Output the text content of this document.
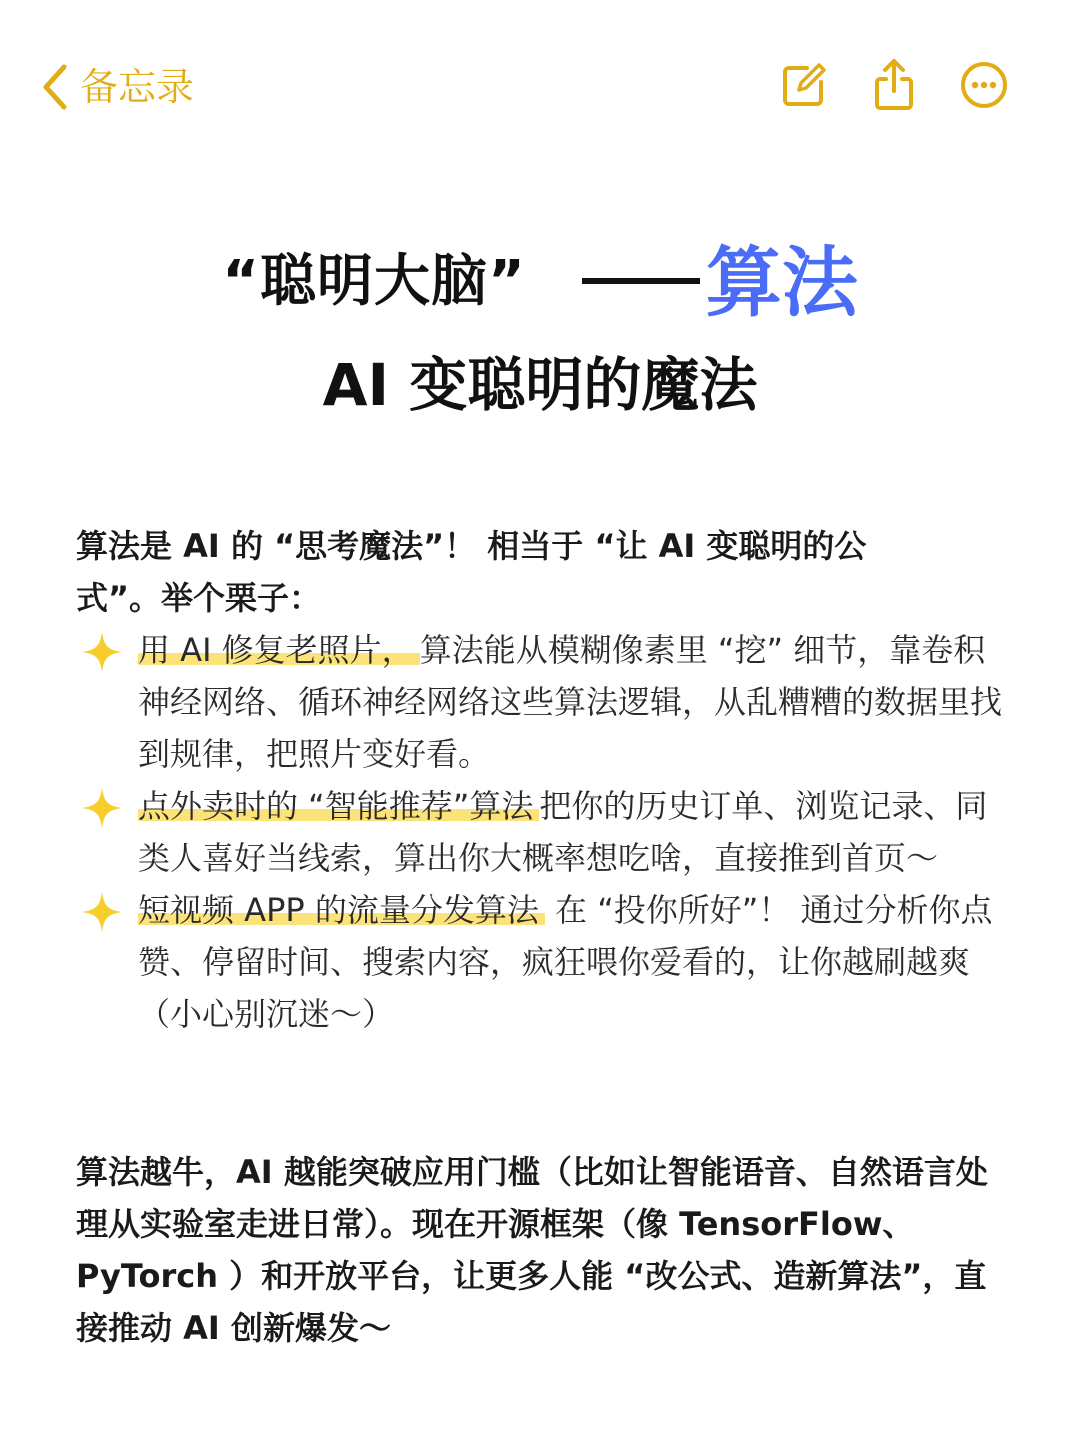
备忘录
“聪明大脑” 算法
AI 变聪明的魔法
算法是 AI 的 “思考魔法”！ 相当于 “让 AI 变聪明的公式”。举个栗子：
用 AI 修复老照片， 算法能从模糊像素里 “挖” 细节，靠卷积神经网络、循环神经网络这些算法逻辑，从乱糟糟的数据里找到规律，把照片变好看。
点外卖时的 “智能推荐”算法 把你的历史订单、浏览记录、同类人喜好当线索，算出你大概率想吃啥，直接推到首页～
短视频 APP 的流量分发算法 在 “投你所好”！ 通过分析你点赞、停留时间、搜索内容，疯狂喂你爱看的，让你越刷越爽（小心别沉迷～）
算法越牛，AI 越能突破应用门槛（比如让智能语音、自然语言处理从实验室走进日常）。现在开源框架（像 TensorFlow、PyTorch ）和开放平台，让更多人能 “改公式、造新算法”，直接推动 AI 创新爆发～
